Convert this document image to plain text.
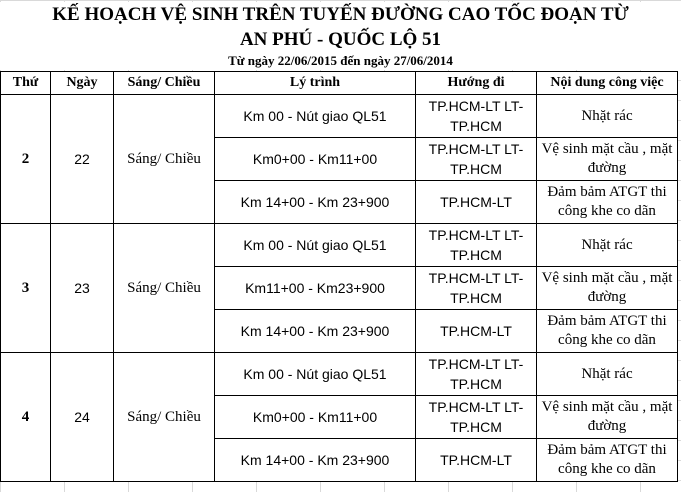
KẾ HOẠCH VỆ SINH TRÊN TUYẾN ĐƯỜNG CAO TỐC ĐOẠN TỪ
AN PHÚ - QUỐC LỘ 51
Từ ngày 22/06/2015 đến ngày 27/06/2014
Thứ	Ngày	Sáng/ Chiều	Lý trình	Hướng đi	Nội dung công việc
2	22	Sáng/ Chiều	Km 00 - Nút giao QL51	TP.HCM-LT LT-TP.HCM	Nhặt rác
			Km0+00 - Km11+00	TP.HCM-LT LT-TP.HCM	Vệ sinh mặt cầu , mặt đường
			Km 14+00 - Km 23+900	TP.HCM-LT	Đảm bảm ATGT thi công khe co dãn
3	23	Sáng/ Chiều	Km 00 - Nút giao QL51	TP.HCM-LT LT-TP.HCM	Nhặt rác
			Km11+00 - Km23+900	TP.HCM-LT LT-TP.HCM	Vệ sinh mặt cầu , mặt đường
			Km 14+00 - Km 23+900	TP.HCM-LT	Đảm bảm ATGT thi công khe co dãn
4	24	Sáng/ Chiều	Km 00 - Nút giao QL51	TP.HCM-LT LT-TP.HCM	Nhặt rác
			Km0+00 - Km11+00	TP.HCM-LT LT-TP.HCM	Vệ sinh mặt cầu , mặt đường
			Km 14+00 - Km 23+900	TP.HCM-LT	Đảm bảm ATGT thi công khe co dãn
